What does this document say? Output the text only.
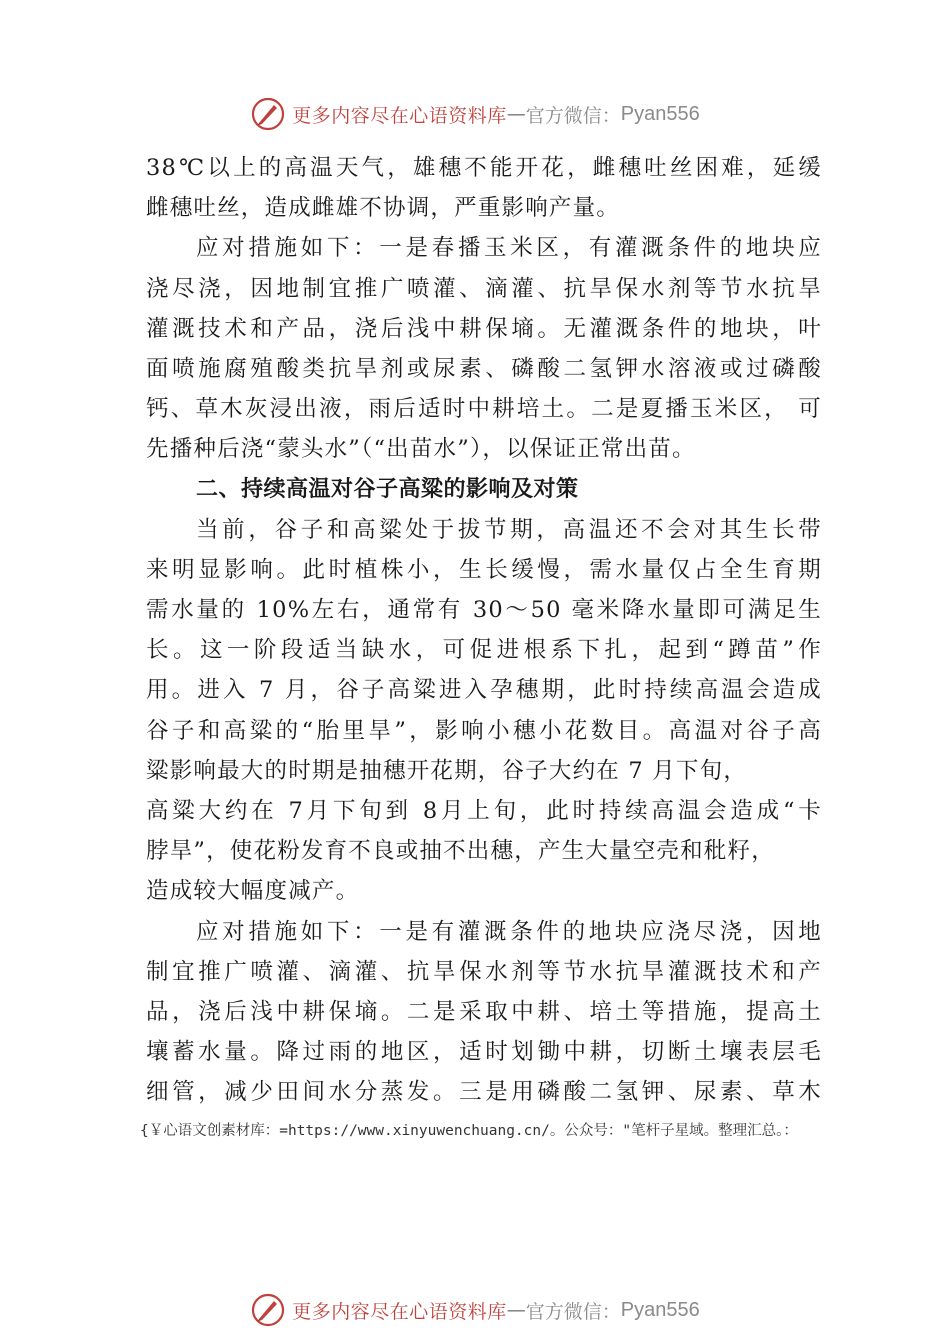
更多内容尽在心语资料库 — 官方微信： Pyan556
38℃以上的高温天气，雄穗不能开花，雌穗吐丝困难，延缓
雌穗吐丝，造成雌雄不协调，严重影响产量。
应对措施如下：一是春播玉米区，有灌溉条件的地块应
浇尽浇，因地制宜推广喷灌、滴灌、抗旱保水剂等节水抗旱
灌溉技术和产品，浇后浅中耕保墒。无灌溉条件的地块，叶
面喷施腐殖酸类抗旱剂或尿素、磷酸二氢钾水溶液或过磷酸
钙、草木灰浸出液，雨后适时中耕培土。二是夏播玉米区， 可
先播种后浇“蒙头水”（“出苗水”），以保证正常出苗。
二、持续高温对谷子高粱的影响及对策
当前，谷子和高粱处于拔节期，高温还不会对其生长带
来明显影响。此时植株小，生长缓慢，需水量仅占全生育期
需水量的 10%左右，通常有 30～50 毫米降水量即可满足生
长。这一阶段适当缺水，可促进根系下扎，起到“蹲苗”作
用。进入 7 月，谷子高粱进入孕穗期，此时持续高温会造成
谷子和高粱的“胎里旱”，影响小穗小花数目。高温对谷子高
粱影响最大的时期是抽穗开花期，谷子大约在 7 月下旬，
高粱大约在 7月下旬到 8月上旬，此时持续高温会造成“卡
脖旱”，使花粉发育不良或抽不出穗，产生大量空壳和秕籽，
造成较大幅度减产。
应对措施如下：一是有灌溉条件的地块应浇尽浇，因地
制宜推广喷灌、滴灌、抗旱保水剂等节水抗旱灌溉技术和产
品，浇后浅中耕保墒。二是采取中耕、培土等措施，提高土
壤蓄水量。降过雨的地区，适时划锄中耕，切断土壤表层毛
细管，减少田间水分蒸发。三是用磷酸二氢钾、尿素、草木
{￥心语文创素材库：=https://www.xinyuwenchuang.cn/。公众号："笔杆子星域。整理汇总。：
更多内容尽在心语资料库 — 官方微信： Pyan556
